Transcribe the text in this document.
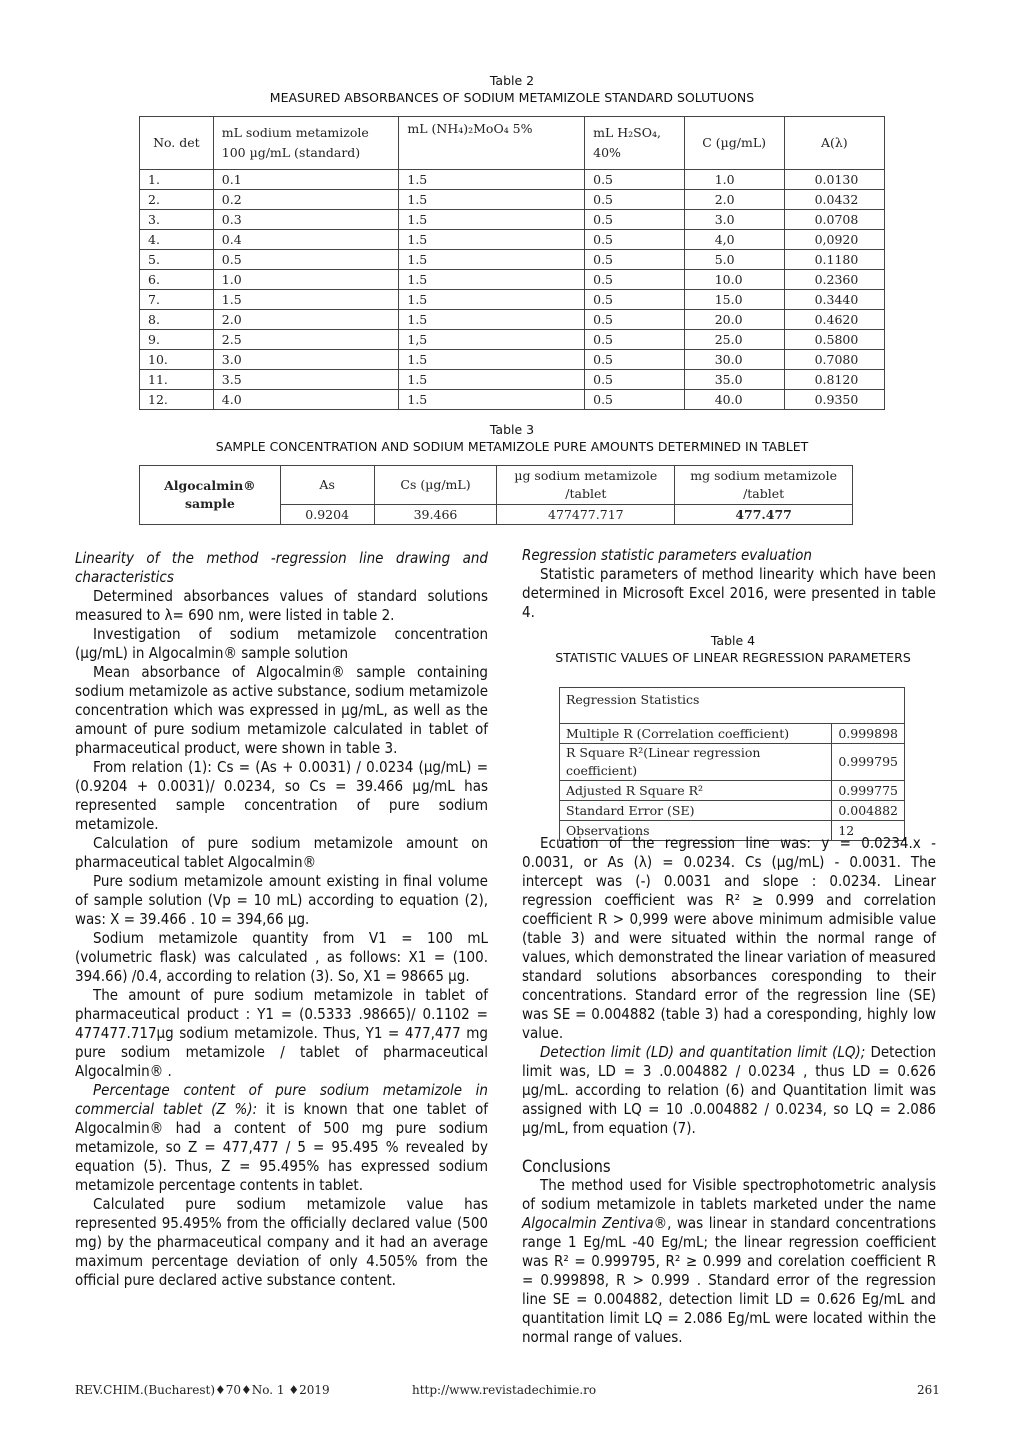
Table 2
MEASURED ABSORBANCES OF SODIUM METAMIZOLE STANDARD SOLUTUONS
No. det	mL sodium metamizole 100 µg/mL (standard)	mL (NH₄)₂MoO₄ 5%	mL H₂SO₄, 40%	C (µg/mL)	A(λ)
1.	0.1	1.5	0.5	1.0	0.0130
2.	0.2	1.5	0.5	2.0	0.0432
3.	0.3	1.5	0.5	3.0	0.0708
4.	0.4	1.5	0.5	4,0	0,0920
5.	0.5	1.5	0.5	5.0	0.1180
6.	1.0	1.5	0.5	10.0	0.2360
7.	1.5	1.5	0.5	15.0	0.3440
8.	2.0	1.5	0.5	20.0	0.4620
9.	2.5	1,5	0.5	25.0	0.5800
10.	3.0	1.5	0.5	30.0	0.7080
11.	3.5	1.5	0.5	35.0	0.8120
12.	4.0	1.5	0.5	40.0	0.9350
Table 3
SAMPLE CONCENTRATION AND SODIUM METAMIZOLE PURE AMOUNTS DETERMINED IN TABLET
Algocalmin® sample	As	Cs (µg/mL)	µg sodium metamizole /tablet	mg sodium metamizole /tablet
	0.9204	39.466	477477.717	477.477

Linearity of the method -regression line drawing and characteristics

Determined absorbances values of standard solutions measured to λ= 690 nm, were listed in table 2.

Investigation of sodium metamizole concentration (µg/mL) in Algocalmin® sample solution

Mean absorbance of Algocalmin® sample containing sodium metamizole as active substance, sodium metamizole concentration which was expressed in µg/mL, as well as the amount of pure sodium metamizole calculated in tablet of pharmaceutical product, were shown in table 3.

From relation (1): Cs = (As + 0.0031) / 0.0234 (µg/mL) = (0.9204 + 0.0031)/ 0.0234, so Cs = 39.466 µg/mL has represented sample concentration of pure sodium metamizole.

Calculation of pure sodium metamizole amount on pharmaceutical tablet Algocalmin®

Pure sodium metamizole amount existing in final volume of sample solution (Vp = 10 mL) according to equation (2), was: X = 39.466 . 10 = 394,66 µg.

Sodium metamizole quantity from V1 = 100 mL (volumetric flask) was calculated , as follows: X1 = (100. 394.66) /0.4, according to relation (3). So, X1 = 98665 µg.

The amount of pure sodium metamizole in tablet of pharmaceutical product : Y1 = (0.5333 .98665)/ 0.1102 = 477477.717µg sodium metamizole. Thus, Y1 = 477,477 mg pure sodium metamizole / tablet of pharmaceutical Algocalmin® .

Percentage content of pure sodium metamizole in commercial tablet (Z %): it is known that one tablet of Algocalmin® had a content of 500 mg pure sodium metamizole, so Z = 477,477 / 5 = 95.495 % revealed by equation (5). Thus, Z = 95.495% has expressed sodium metamizole percentage contents in tablet.

Calculated pure sodium metamizole value has represented 95.495% from the officially declared value (500 mg) by the pharmaceutical company and it had an average maximum percentage deviation of only 4.505% from the official pure declared active substance content.

Regression statistic parameters evaluation

Statistic parameters of method linearity which have been determined in Microsoft Excel 2016, were presented in table 4.

Table 4
STATISTIC VALUES OF LINEAR REGRESSION PARAMETERS
Regression Statistics	
Multiple R (Correlation coefficient)	0.999898
R Square R²(Linear regression coefficient)	0.999795
Adjusted R Square R²	0.999775
Standard Error (SE)	0.004882
Observations	12

Ecuation of the regression line was: y = 0.0234.x - 0.0031, or As (λ) = 0.0234. Cs (µg/mL) - 0.0031. The intercept was (-) 0.0031 and slope : 0.0234. Linear regression coefficient was R² ≥ 0.999 and correlation coefficient R > 0,999 were above minimum admisible value (table 3) and were situated within the normal range of values, which demonstrated the linear variation of measured standard solutions absorbances coresponding to their concentrations. Standard error of the regression line (SE) was SE = 0.004882 (table 3) had a coresponding, highly low value.

Detection limit (LD) and quantitation limit (LQ); Detection limit was, LD = 3 .0.004882 / 0.0234 , thus LD = 0.626 µg/mL. according to relation (6) and Quantitation limit was assigned with LQ = 10 .0.004882 / 0.0234, so LQ = 2.086 µg/mL, from equation (7).

Conclusions

The method used for Visible spectrophotometric analysis of sodium metamizole in tablets marketed under the name Algocalmin Zentiva®, was linear in standard concentrations range 1 Eg/mL -40 Eg/mL; the linear regression coefficient was R² = 0.999795, R² ≥ 0.999 and corelation coefficient R = 0.999898, R > 0.999 . Standard error of the regression line SE = 0.004882, detection limit LD = 0.626 Eg/mL and quantitation limit LQ = 2.086 Eg/mL were located within the normal range of values.

REV.CHIM.(Bucharest)♦70♦No. 1 ♦2019	http://www.revistadechimie.ro	261
